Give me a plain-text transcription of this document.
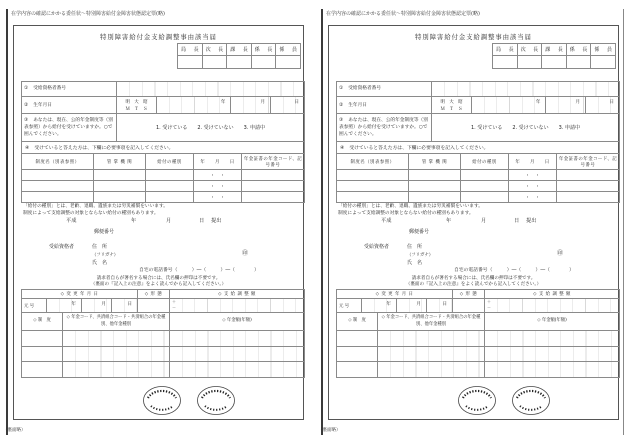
在学内容の確認にかかる委任状～特別障害給付金障害状態認定票(略)
特別障害給付金支給調整事由該当届
局 長	次 長	課 長	係 長	係 員

① 受給資格者番号	
② 生年月日	明　大　昭
Ｍ　Ｔ　Ｓ
年 月 日

③ あなたは、現在、公的年金制度等（別表参照）から給付を受けていますか。○で囲んでください。	1. 受けている　　2. 受けていない　　3. 申請中
④ 受けていると答えた方は、下欄に必要事項を記入してください。	
制度名（別表参照）	管 掌 機 関	給付の種別	年　　月　　日	年金証書の年金コード、記号番号
			・　・	
			・　・	
			・　・	
「給付の種別」とは、老齢、退職、遺族または労災補償をいいます。
制度によって支給調整の対象とならない給付の種別もあります。
平成	年	月	日 提出
郵便番号
受給資格者	住　所
（フリガナ）
氏　名
㊞
自宅の電話番号（　　　）―（　　　）―（　　　　）
請求者自らが署名する場合には、氏名欄の押印は不要です。
（裏面の『記入上の注意』をよく読んでから記入してください。）
◇ 変 更 年 月 日				◇ 形 態	◇ 支 給 調 整 額
元 号	年	月	日		＋
－
◇ 制　度	◇ 年金コード、共済組合コード・共済組合の年金種別、他年金種別	◇ 年金額(年額)

（裏面略）
在学内容の確認にかかる委任状～特別障害給付金障害状態認定票(略)
特別障害給付金支給調整事由該当届
局 長	次 長	課 長	係 長	係 員

① 受給資格者番号	
② 生年月日	明　大　昭
Ｍ　Ｔ　Ｓ
年 月 日

③ あなたは、現在、公的年金制度等（別表参照）から給付を受けていますか。○で囲んでください。	1. 受けている　　2. 受けていない　　3. 申請中
④ 受けていると答えた方は、下欄に必要事項を記入してください。	
制度名（別表参照）	管 掌 機 関	給付の種別	年　　月　　日	年金証書の年金コード、記号番号
			・　・	
			・　・	
			・　・	
「給付の種別」とは、老齢、退職、遺族または労災補償をいいます。
制度によって支給調整の対象とならない給付の種別もあります。
平成	年	月	日 提出
郵便番号
受給資格者	住　所
（フリガナ）
氏　名
㊞
自宅の電話番号（　　　）―（　　　）―（　　　　）
請求者自らが署名する場合には、氏名欄の押印は不要です。
（裏面の『記入上の注意』をよく読んでから記入してください。）
◇ 変 更 年 月 日				◇ 形 態	◇ 支 給 調 整 額
元 号	年	月	日		＋
－
◇ 制　度	◇ 年金コード、共済組合コード・共済組合の年金種別、他年金種別	◇ 年金額(年額)

（裏面略）
